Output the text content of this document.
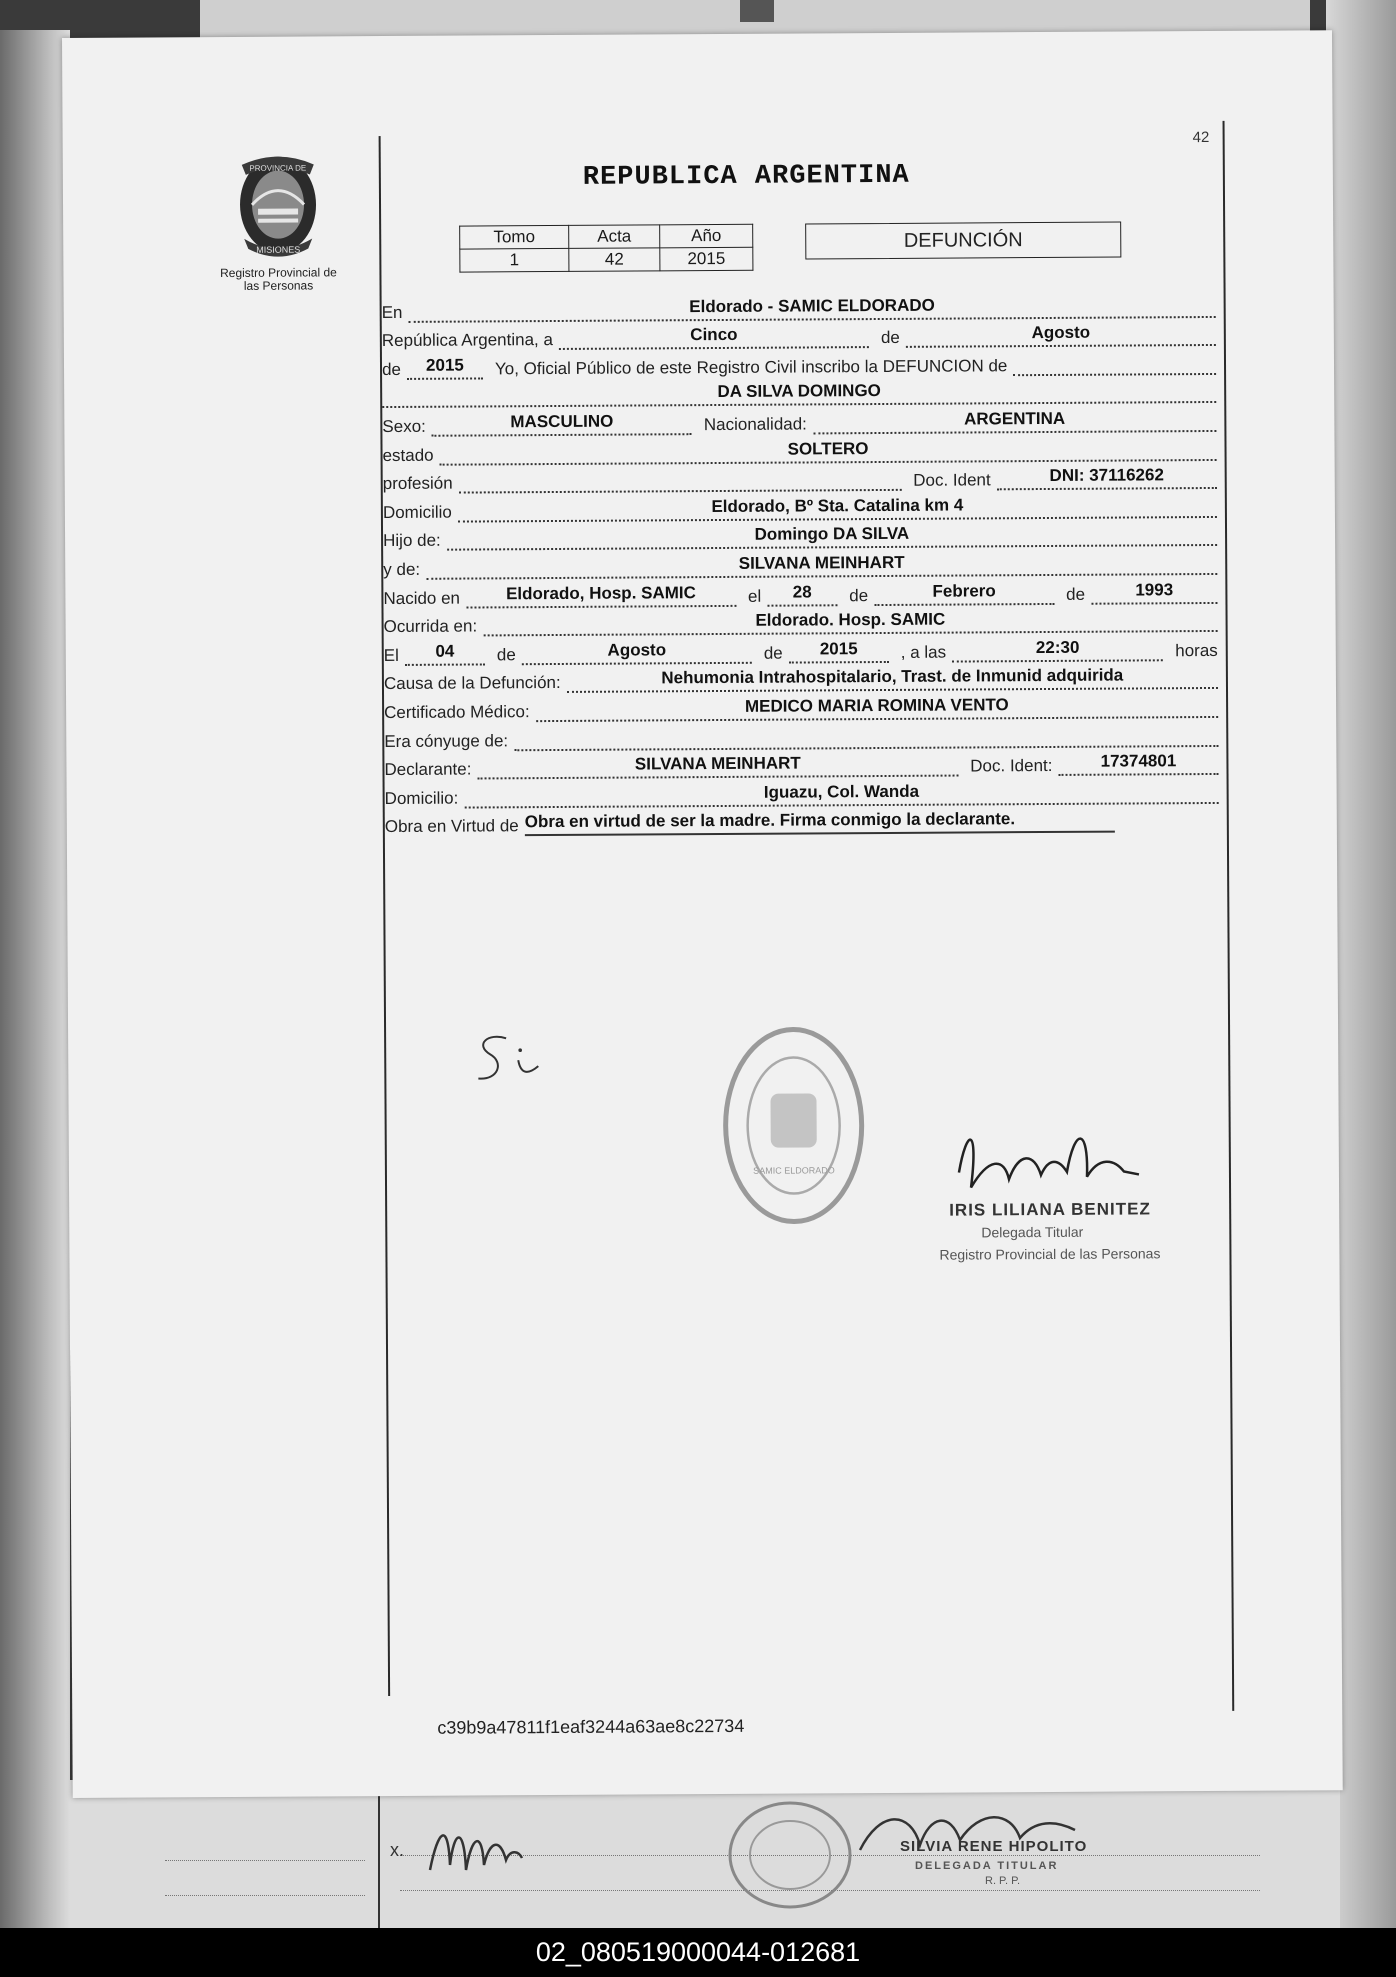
x.	SILVIA RENE HIPOLITO
DELEGADA TITULAR
R. P. P.
PROVINCIA DE
MISIONES
Registro Provincial de
las Personas
42
REPUBLICA ARGENTINA
Tomo	Acta	Año
1	42	2015
DEFUNCIÓN
En	Eldorado - SAMIC ELDORADO
República Argentina, a	Cinco	de	Agosto
de	2015	Yo, Oficial Público de este Registro Civil inscribo la DEFUNCION de
DA SILVA DOMINGO
Sexo:	MASCULINO	Nacionalidad:	ARGENTINA
estado	SOLTERO
profesión	Doc. Ident	DNI: 37116262
Domicilio	Eldorado, Bº Sta. Catalina km 4
Hijo de:	Domingo DA SILVA
y de:	SILVANA MEINHART
Nacido en	Eldorado, Hosp. SAMIC	el	28	de	Febrero	de	1993
Ocurrida en:	Eldorado. Hosp. SAMIC
El	04	de	Agosto	de	2015	, a las	22:30	horas
Causa de la Defunción:	Nehumonia Intrahospitalario, Trast. de Inmunid adquirida
Certificado Médico:	MEDICO MARIA ROMINA VENTO
Era cónyuge de:
Declarante:	SILVANA MEINHART	Doc. Ident:	17374801
Domicilio:	Iguazu, Col. Wanda
Obra en Virtud de Obra en virtud de ser la madre. Firma conmigo la declarante.
SAMIC ELDORADO
IRIS LILIANA BENITEZ
Delegada Titular
Registro Provincial de las Personas
c39b9a47811f1eaf3244a63ae8c22734
02_080519000044-012681
